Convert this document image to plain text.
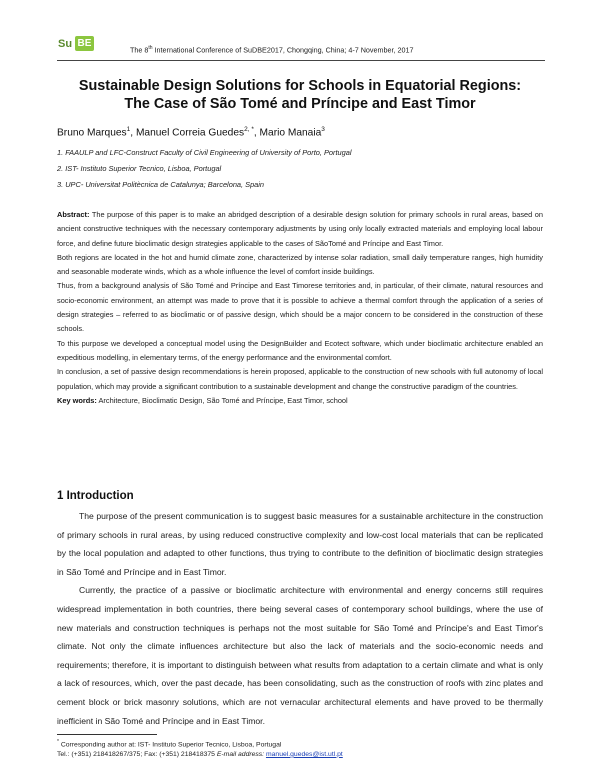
Su BE
The 8th International Conference of SuDBE2017, Chongqing, China; 4-7 November, 2017
Sustainable Design Solutions for Schools in Equatorial Regions:
The Case of São Tomé and Príncipe and East Timor
Bruno Marques$^1$, Manuel Correia Guedes$^{2, *}$, Mario Manaia$^3$
1. FAAULP and LFC-Construct Faculty of Civil Engineering of University of Porto, Portugal
2. IST- Instituto Superior Tecnico, Lisboa, Portugal
3. UPC- Universitat Politècnica de Catalunya; Barcelona, Spain

Abstract: The purpose of this paper is to make an abridged description of a desirable design solution for primary schools in rural areas, based on ancient constructive techniques with the necessary contemporary adjustments by using only locally extracted materials and employing local labour force, and define future bioclimatic design strategies applicable to the cases of SãoTomé and Príncipe and East Timor.

Both regions are located in the hot and humid climate zone, characterized by intense solar radiation, small daily temperature ranges, high humidity and seasonable moderate winds, which as a whole influence the level of comfort inside buildings.

Thus, from a background analysis of São Tomé and Príncipe and East Timorese territories and, in particular, of their climate, natural resources and socio-economic environment, an attempt was made to prove that it is possible to achieve a thermal comfort through the application of a series of design strategies – referred to as bioclimatic or of passive design, which should be a major concern to be considered in the construction of these schools.

To this purpose we developed a conceptual model using the DesignBuilder and Ecotect software, which under bioclimatic architecture enabled an expeditious modelling, in elementary terms, of the energy performance and the environmental comfort.

In conclusion, a set of passive design recommendations is herein proposed, applicable to the construction of new schools with full autonomy of local population, which may provide a significant contribution to a sustainable development and change the constructive paradigm of the countries.

Key words: Architecture, Bioclimatic Design, São Tomé and Príncipe, East Timor, school

1 Introduction

The purpose of the present communication is to suggest basic measures for a sustainable architecture in the construction of primary schools in rural areas, by using reduced constructive complexity and low-cost local materials that can be replicated by the local population and adapted to other functions, thus trying to contribute to the definition of bioclimatic design strategies in São Tomé and Príncipe and in East Timor.

Currently, the practice of a passive or bioclimatic architecture with environmental and energy concerns still requires widespread implementation in both countries, there being several cases of contemporary school buildings, where the use of new materials and construction techniques is perhaps not the most suitable for São Tomé and Príncipe's and East Timor's climate. Not only the climate influences architecture but also the lack of materials and the socio-economic needs and requirements; therefore, it is important to distinguish between what results from adaptation to a certain climate and what is only a lack of resources, which, over the past decade, has been consolidating, such as the construction of roofs with zinc plates and cement block or brick masonry solutions, which are not vernacular architectural elements and have proved to be thermally inefficient in São Tomé and Príncipe and in East Timor.

* Corresponding author at: IST- Instituto Superior Tecnico, Lisboa, Portugal
Tel.: (+351) 218418267/375; Fax: (+351) 218418375 E-mail address: manuel.guedes@ist.utl.pt
